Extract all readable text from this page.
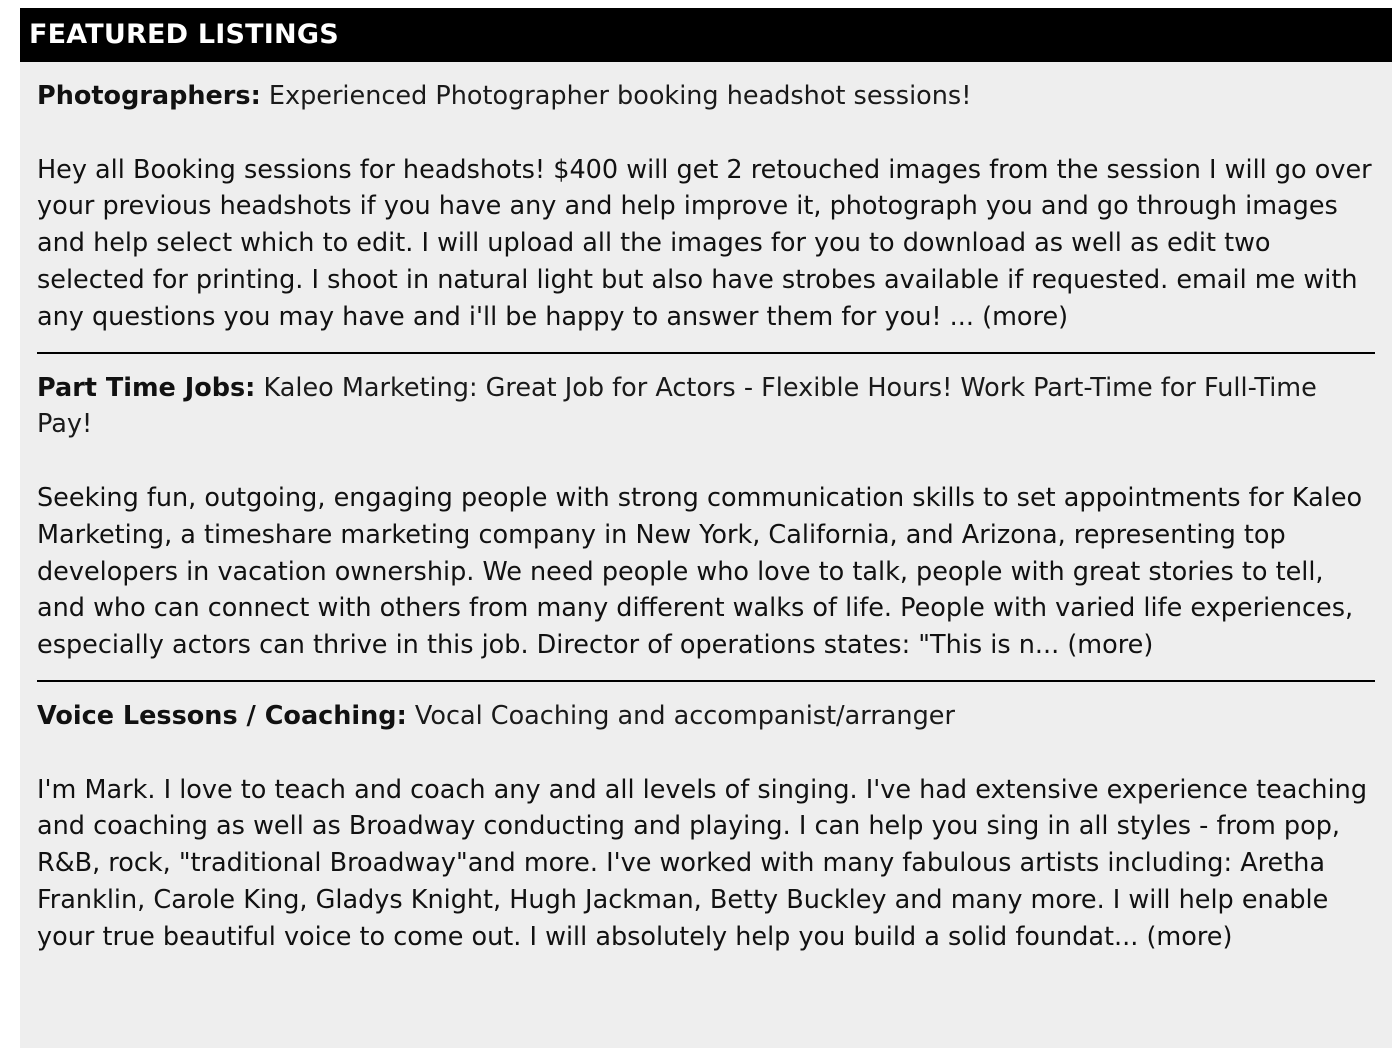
FEATURED LISTINGS

Photographers: Experienced Photographer booking headshot sessions!

Hey all Booking sessions for headshots! $400 will get 2 retouched images from the session I will go over your previous headshots if you have any and help improve it, photograph you and go through images and help select which to edit. I will upload all the images for you to download as well as edit two selected for printing. I shoot in natural light but also have strobes available if requested. email me with any questions you may have and i'll be happy to answer them for you! ... (more)

Part Time Jobs: Kaleo Marketing: Great Job for Actors - Flexible Hours! Work Part-Time for Full-Time Pay!

Seeking fun, outgoing, engaging people with strong communication skills to set appointments for Kaleo Marketing, a timeshare marketing company in New York, California, and Arizona, representing top developers in vacation ownership. We need people who love to talk, people with great stories to tell, and who can connect with others from many different walks of life. People with varied life experiences, especially actors can thrive in this job. Director of operations states: "This is n... (more)

Voice Lessons / Coaching: Vocal Coaching and accompanist/arranger

I'm Mark. I love to teach and coach any and all levels of singing. I've had extensive experience teaching and coaching as well as Broadway conducting and playing. I can help you sing in all styles - from pop, R&B, rock, "traditional Broadway"and more. I've worked with many fabulous artists including: Aretha Franklin, Carole King, Gladys Knight, Hugh Jackman, Betty Buckley and many more. I will help enable your true beautiful voice to come out. I will absolutely help you build a solid foundat... (more)
